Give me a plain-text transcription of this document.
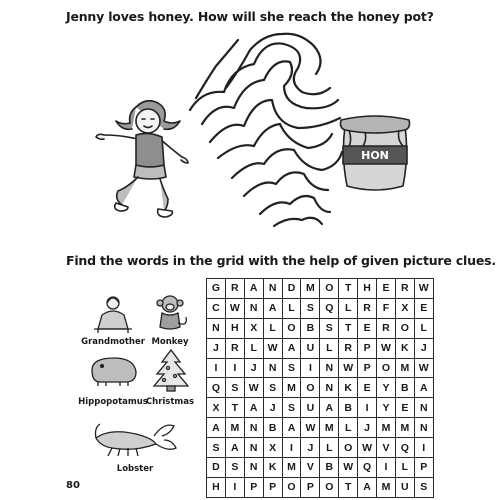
Jenny loves honey. How will she reach the honey pot?
HON
Find the words in the grid with the help of given picture clues.
Grandmother Monkey
Hippopotamus
Christmas
Lobster
G	R	A	N	D	M	O	T	H	E	R	W
C	W	N	A	L	S	Q	L	R	F	X	E
N	H	X	L	O	B	S	T	E	R	O	L
J	R	L	W	A	U	L	R	P	W	K	J
I	I	J	N	S	I	N	W	P	O	M	W
Q	S	W	S	M	O	N	K	E	Y	B	A
X	T	A	J	S	U	A	B	I	Y	E	N
A	M	N	B	A	W	M	L	J	M	M	N
S	A	N	X	I	J	L	O	W	V	Q	I
D	S	N	K	M	V	B	W	Q	I	L	P
H	I	P	P	O	P	O	T	A	M	U	S
80
